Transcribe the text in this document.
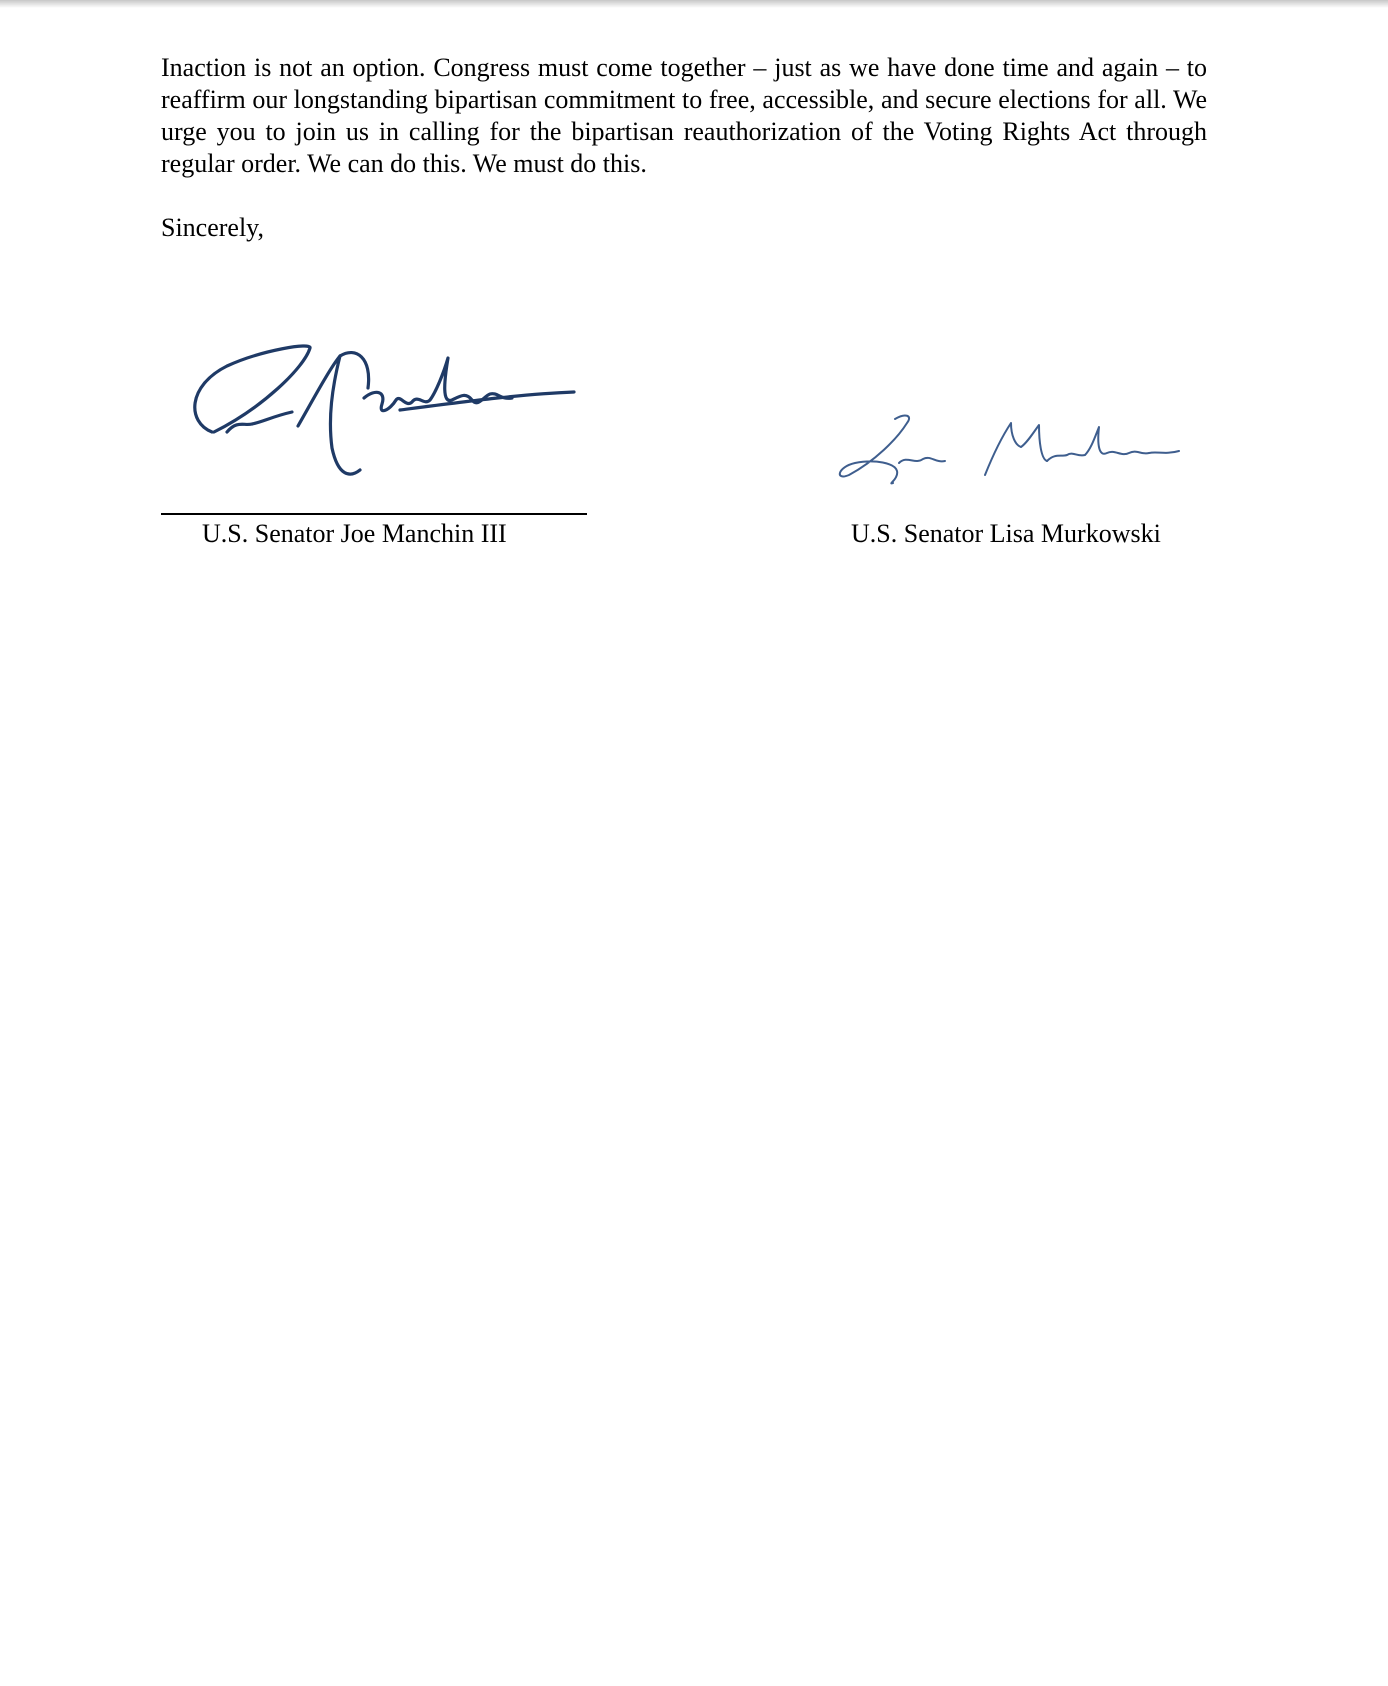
Inaction is not an option. Congress must come together – just as we have done time and again – to reaffirm our longstanding bipartisan commitment to free, accessible, and secure elections for all. We urge you to join us in calling for the bipartisan reauthorization of the Voting Rights Act through regular order. We can do this. We must do this.

Sincerely,

U.S. Senator Joe Manchin III	U.S. Senator Lisa Murkowski
